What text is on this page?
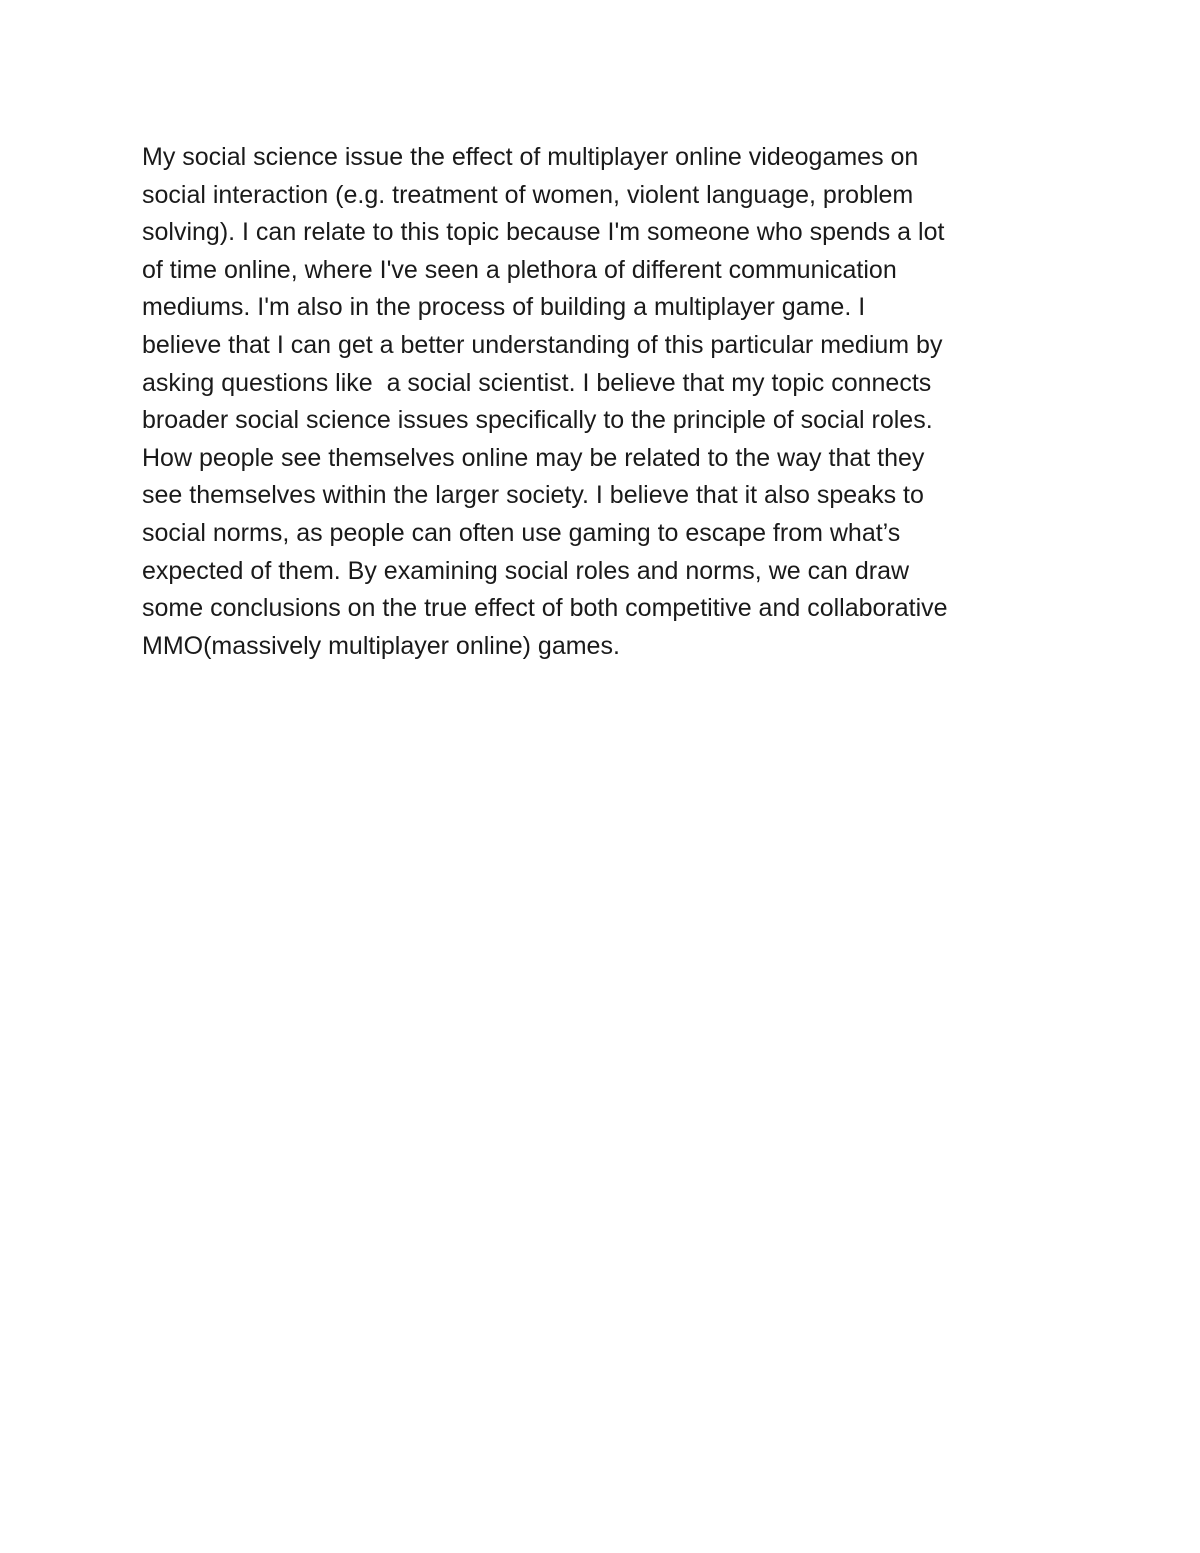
My social science issue the effect of multiplayer online videogames on
social interaction (e.g. treatment of women, violent language, problem
solving). I can relate to this topic because I'm someone who spends a lot
of time online, where I've seen a plethora of different communication
mediums. I'm also in the process of building a multiplayer game. I
believe that I can get a better understanding of this particular medium by
asking questions like  a social scientist. I believe that my topic connects
broader social science issues specifically to the principle of social roles.
How people see themselves online may be related to the way that they
see themselves within the larger society. I believe that it also speaks to
social norms, as people can often use gaming to escape from what’s
expected of them. By examining social roles and norms, we can draw
some conclusions on the true effect of both competitive and collaborative
MMO(massively multiplayer online) games.
